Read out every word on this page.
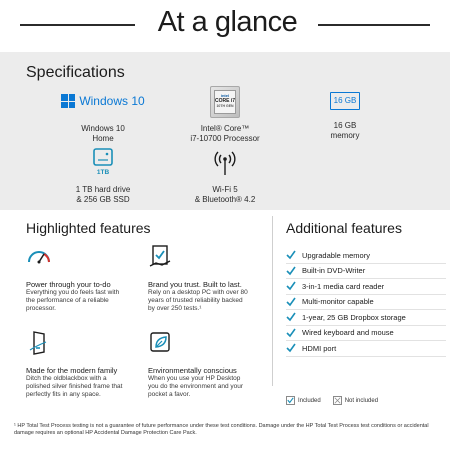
At a glance
Specifications
Windows 10
Windows 10
Home
intel
CORE i7
10TH GEN
Intel® Core™
i7-10700 Processor
16 GB
16 GB
memory
1TB
1 TB hard drive
& 256 GB SSD
Wi-Fi 5
& Bluetooth® 4.2
Highlighted features
Power through your to-do
Everything you do feels fast with
the performance of a reliable
processor.
Brand you trust. Built to last.
Rely on a desktop PC with over 80
years of trusted reliability backed
by over 250 tests.¹
Made for the modern family
Ditch the oldblackbox with a
polished silver finished frame that
perfectly fits in any space.
Environmentally conscious
When you use your HP Desktop
you do the environment and your
pocket a favor.
Additional features
Upgradable memory
Built-in DVD-Writer
3-in-1 media card reader
Multi-monitor capable
1-year, 25 GB Dropbox storage
Wired keyboard and mouse
HDMI port
Included	Not included
¹ HP Total Test Process testing is not a guarantee of future performance under these test conditions. Damage under the HP Total Test Process test conditions or accidental damage requires an optional HP Accidental Damage Protection Care Pack.
